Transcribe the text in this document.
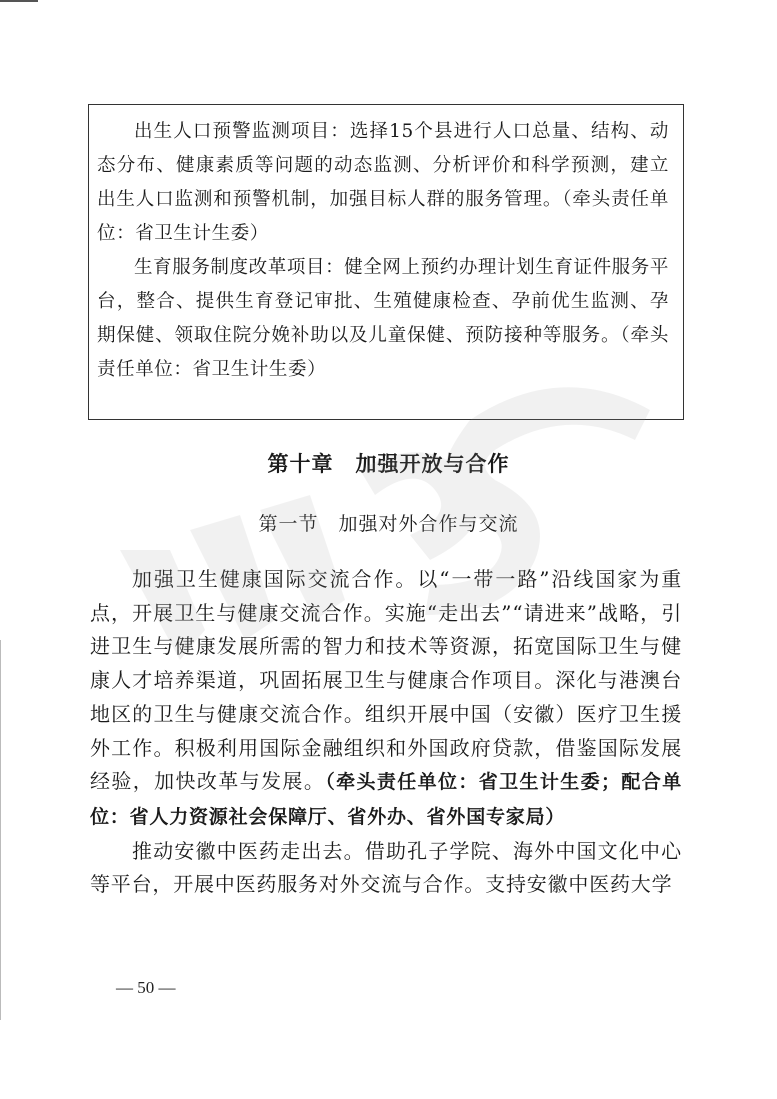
出生人口预警监测项目：选择15个县进行人口总量、结构、动态分布、健康素质等问题的动态监测、分析评价和科学预测，建立出生人口监测和预警机制，加强目标人群的服务管理。（牵头责任单位：省卫生计生委）

生育服务制度改革项目：健全网上预约办理计划生育证件服务平台，整合、提供生育登记审批、生殖健康检查、孕前优生监测、孕期保健、领取住院分娩补助以及儿童保健、预防接种等服务。（牵头责任单位：省卫生计生委）

第十章　加强开放与合作
第一节　加强对外合作与交流

加强卫生健康国际交流合作。以“一带一路”沿线国家为重点，开展卫生与健康交流合作。实施“走出去”“请进来”战略，引进卫生与健康发展所需的智力和技术等资源，拓宽国际卫生与健康人才培养渠道，巩固拓展卫生与健康合作项目。深化与港澳台地区的卫生与健康交流合作。组织开展中国（安徽）医疗卫生援外工作。积极利用国际金融组织和外国政府贷款，借鉴国际发展经验，加快改革与发展。（牵头责任单位：省卫生计生委；配合单位：省人力资源社会保障厅、省外办、省外国专家局）

推动安徽中医药走出去。借助孔子学院、海外中国文化中心等平台，开展中医药服务对外交流与合作。支持安徽中医药大学

— 50 —
